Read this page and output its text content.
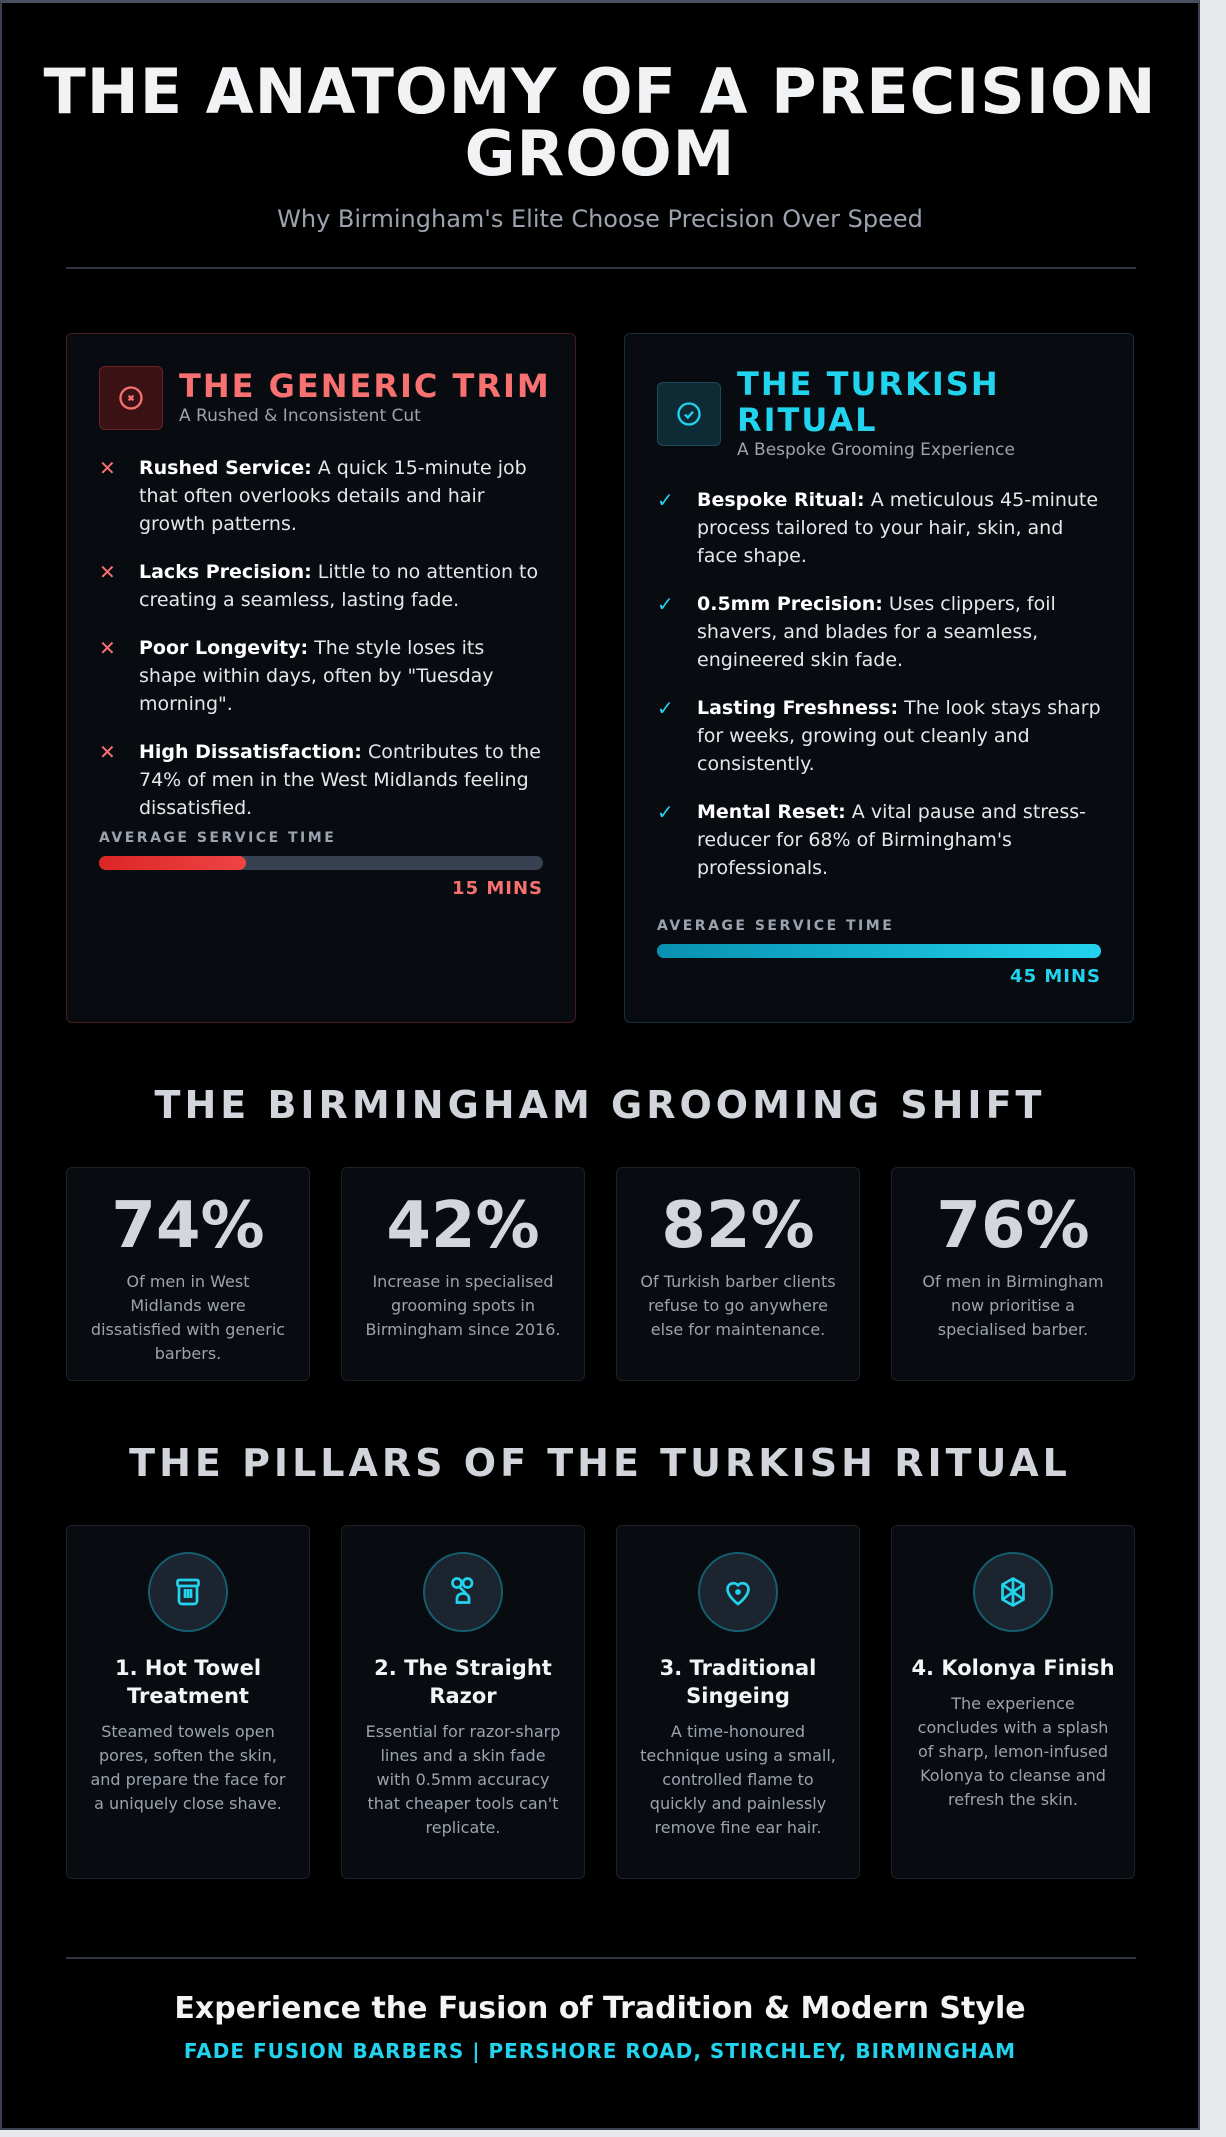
THE ANATOMY OF A PRECISION
GROOM
Why Birmingham's Elite Choose Precision Over Speed
THE GENERIC TRIM
A Rushed & Inconsistent Cut
✕	Rushed Service: A quick 15-minute job that often overlooks details and hair growth patterns.
✕	Lacks Precision: Little to no attention to creating a seamless, lasting fade.
✕	Poor Longevity: The style loses its shape within days, often by "Tuesday morning".
✕	High Dissatisfaction: Contributes to the 74% of men in the West Midlands feeling dissatisfied.
AVERAGE SERVICE TIME
15 MINS
THE TURKISH RITUAL
A Bespoke Grooming Experience
✓	Bespoke Ritual: A meticulous 45-minute process tailored to your hair, skin, and face shape.
✓	0.5mm Precision: Uses clippers, foil shavers, and blades for a seamless, engineered skin fade.
✓	Lasting Freshness: The look stays sharp for weeks, growing out cleanly and consistently.
✓	Mental Reset: A vital pause and stress-reducer for 68% of Birmingham's professionals.
AVERAGE SERVICE TIME
45 MINS
THE BIRMINGHAM GROOMING SHIFT
74%
Of men in West Midlands were dissatisfied with generic barbers.
42%
Increase in specialised grooming spots in Birmingham since 2016.
82%
Of Turkish barber clients refuse to go anywhere else for maintenance.
76%
Of men in Birmingham now prioritise a specialised barber.
THE PILLARS OF THE TURKISH RITUAL
1. Hot Towel Treatment
Steamed towels open pores, soften the skin, and prepare the face for a uniquely close shave.
2. The Straight Razor
Essential for razor-sharp lines and a skin fade with 0.5mm accuracy that cheaper tools can't replicate.
3. Traditional Singeing
A time-honoured technique using a small, controlled flame to quickly and painlessly remove fine ear hair.
4. Kolonya Finish
The experience concludes with a splash of sharp, lemon-infused Kolonya to cleanse and refresh the skin.
Experience the Fusion of Tradition & Modern Style
FADE FUSION BARBERS | PERSHORE ROAD, STIRCHLEY, BIRMINGHAM
